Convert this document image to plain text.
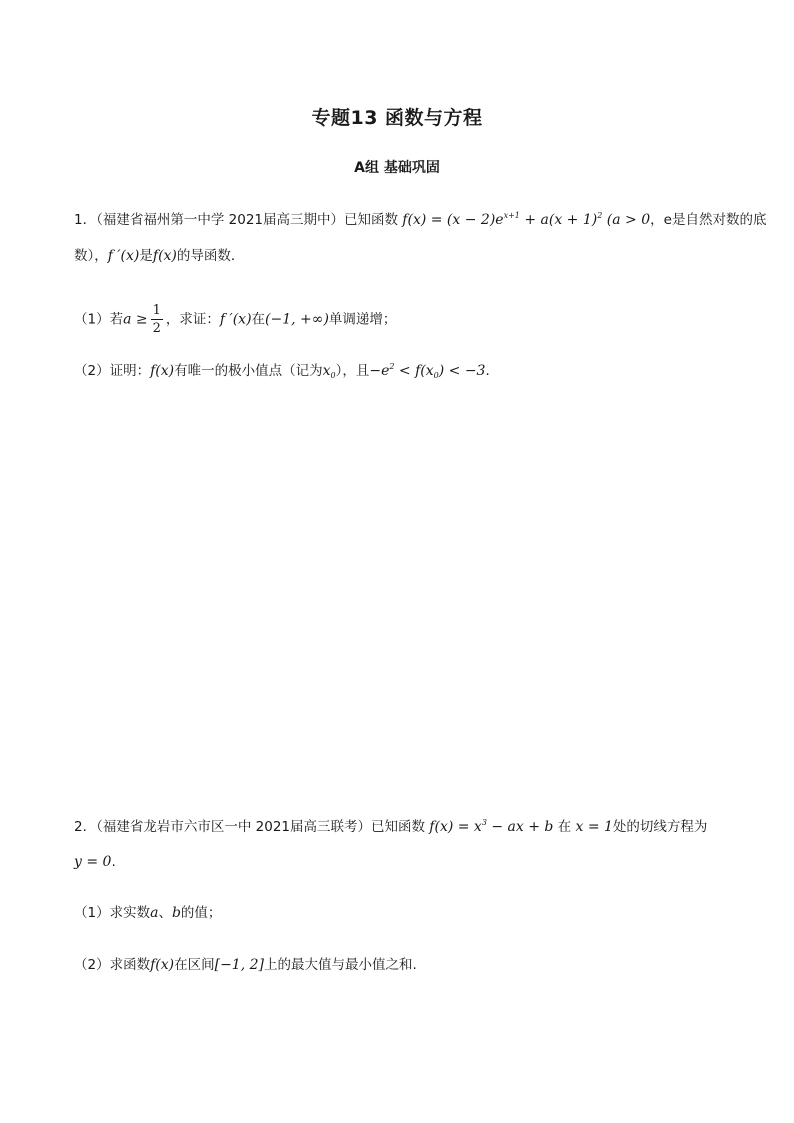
专题13 函数与方程
A组 基础巩固
1．（福建省福州第一中学 2021届高三期中）已知函数 $f(x) = (x - 2)e^{x+1} + a(x + 1)^2$ (a > 0，e是自然对数的底
数），f ′(x)是f(x)的导函数．
（1）若$a \ge \frac{1}{2}$ ，求证：f ′(x)在(−1, +∞)单调递增；
（2）证明：f(x)有唯一的极小值点（记为$x_0$），且$-e^2 < f(x_0) < -3$．
2．（福建省龙岩市六市区一中 2021届高三联考）已知函数 $f(x) = x^3$ − ax + b 在 x = 1处的切线方程为
y = 0.
（1）求实数a、b的值；
（2）求函数f(x)在区间[−1, 2]上的最大值与最小值之和.
